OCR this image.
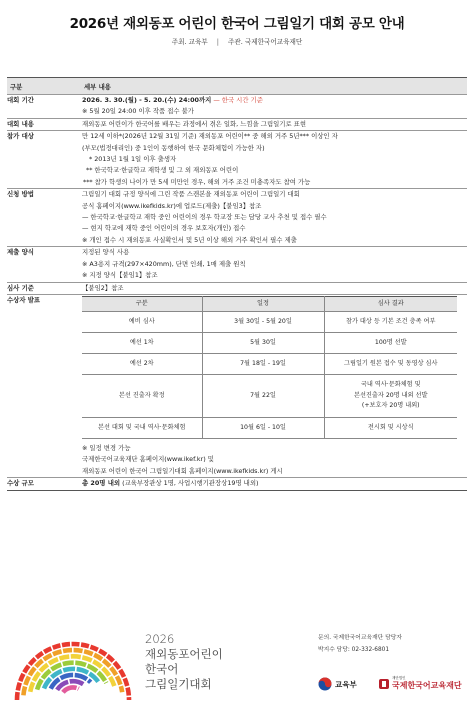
2026년 재외동포 어린이 한국어 그림일기 대회 공모 안내
주최. 교육부 | 주관. 국제한국어교육재단
구분	세부 내용
대회 기간	2026. 3. 30.(월) - 5. 20.(수) 24:00까지 — 한국 시간 기준
※ 5월 20일 24:00 이후 작품 접수 불가

대회 내용	재외동포 어린이가 한국어를 배우는 과정에서 겪은 일화, 느낌을 그림일기로 표현
참가 대상	만 12세 이하*(2026년 12월 31일 기준) 재외동포 어린이** 중 해외 거주 5년*** 이상인 자
(부모(법정대리인) 중 1인이 동행하여 한국 문화체험이 가능한 자)
* 2013년 1월 1일 이후 출생자
** 한국학교·한글학교 재학생 및 그 외 재외동포 어린이
*** 참가 학생의 나이가 만 5세 미만인 경우, 해외 거주 조건 미충족자도 참여 가능

신청 방법	그림일기 대회 규정 양식에 그린 작품 스캔본을 재외동포 어린이 그림일기 대회
공식 홈페이지(www.ikefkids.kr)에 업로드(제출)【붙임3】참조
— 한국학교·한글학교 재학 중인 어린이의 경우 학교장 또는 담당 교사 추천 및 접수 필수
— 현지 학교에 재학 중인 어린이의 경우 보호자(개인) 접수
※ 개인 접수 시 재외동포 사실확인서 및 5년 이상 해외 거주 확인서 필수 제출

제출 양식	지정된 양식 사용
※ A3용지 규격(297×420mm), 단면 인쇄, 1매 제출 원칙
※ 지정 양식【붙임1】참조

심사 기준	【붙임2】참조
수상자 발표		구분	일정	심사 결과
예비 심사	3월 30일 - 5월 20일	참가 대상 등 기본 조건 충족 여부
예선 1차	5월 30일	100명 선발
예선 2차	7월 18일 - 19일	그림일기 원본 접수 및 동영상 심사
본선 진출자 확정	7월 22일	
국내 역사·문화체험 및
본선진출자 20명 내외 선발
(+보호자 20명 내외)

본선 대회 및 국내 역사·문화체험	10월 6일 - 10일	전시회 및 시상식
※ 일정 변경 가능
국제한국어교육재단 홈페이지(www.ikef.kr) 및
재외동포 어린이 한국어 그림일기대회 홈페이지(www.ikefkids.kr) 게시

수상 규모	총 20명 내외 (교육부장관상 1명, 사업시행기관장상19명 내외)
2026
재외동포어린이
한국어
그림일기대회
문의. 국제한국어교육재단 담당자
박지수 담당: 02-332-6801
교육부
재단법인
국제한국어교육재단
